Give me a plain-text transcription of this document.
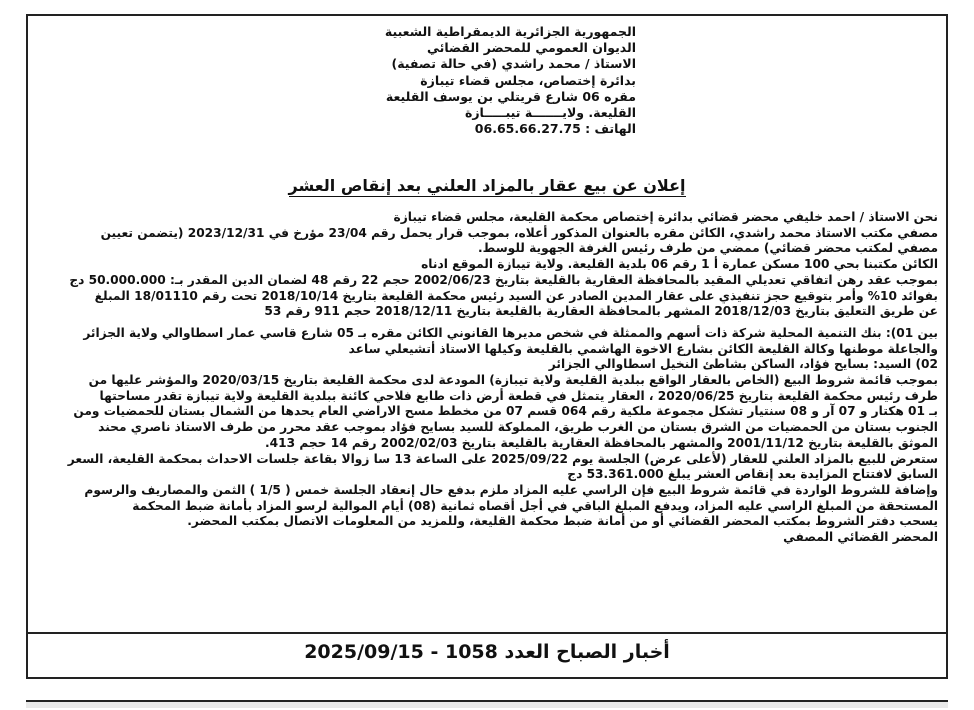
الجمهورية الجزائرية الديمقراطية الشعبية
الديوان العمومي للمحضر القضائي
الاستاذ / محمد راشدي (في حالة تصفية)
بدائرة إختصاص، مجلس قضاء تيبازة
مقره 06 شارع قريتلي بن يوسف القليعة
القليعة. ولايـــــــة تيبـــــازة
الهاتف : 06.65.66.27.75
إعلان عن بيع عقار بالمزاد العلني بعد إنقاص العشر

نحن الاستاذ / احمد خليفي محضر قضائي بدائرة إختصاص محكمة القليعة، مجلس قضاء تيبازة

مصفي مكتب الاستاذ محمد راشدي، الكائن مقره بالعنوان المذكور أعلاه، بموجب قرار يحمل رقم 23/04 مؤرخ في 2023/12/31 (يتضمن تعيين

مصفي لمكتب محضر قضائي) ممضي من طرف رئيس الغرفة الجهوية للوسط.

الكائن مكتبنا بحي 100 مسكن عمارة أ 1 رقم 06 بلدية القليعة. ولاية تيبازة الموقع ادناه

بموجب عقد رهن اتفاقي تعديلي المقيد بالمحافظة العقارية بالقليعة بتاريخ 2002/06/23 حجم 22 رقم 48 لضمان الدين المقدر بـ: 50.000.000 دج

بفوائد 10% وأمر بتوقيع حجز تنفيذي على عقار المدين الصادر عن السيد رئيس محكمة القليعة بتاريخ 2018/10/14 تحت رقم 18/01110 المبلغ

عن طريق التعليق بتاريخ 2018/12/03 المشهر بالمحافظة العقارية بالقليعة بتاريخ 2018/12/11 حجم 911 رقم 53

بين 01): بنك التنمية المحلية شركة ذات أسهم والممثلة في شخص مديرها القانوني الكائن مقره بـ 05 شارع قاسي عمار اسطاوالي ولاية الجزائر

والجاعلة موطنها وكالة القليعة الكائن بشارع الاخوة الهاشمي بالقليعة وكيلها الاستاذ أتشيعلي ساعد

02) السيد: بسايح فؤاد، الساكن بشاطئ النخيل اسطاوالي الجزائر

بموجب قائمة شروط البيع (الخاص بالعقار الواقع ببلدية القليعة ولاية تيبازة) المودعة لدى محكمة القليعة بتاريخ 2020/03/15 والمؤشر عليها من

طرف رئيس محكمة القليعة بتاريخ 2020/06/25 ، العقار يتمثل في قطعة أرض ذات طابع فلاحي كائنة ببلدية القليعة ولاية تيبازة تقدر مساحتها

بـ 01 هكتار و 07 آر و 08 سنتيار تشكل مجموعة ملكية رقم 064 قسم 07 من مخطط مسح الاراضي العام يحدها من الشمال بستان للحمضيات ومن

الجنوب بستان من الحمضيات من الشرق بستان من الغرب طريق، المملوكة للسيد بسايح فؤاد بموجب عقد محرر من طرف الاستاذ ناصري محند

الموثق بالقليعة بتاريخ 2001/11/12 والمشهر بالمحافظة العقارية بالقليعة بتاريخ 2002/02/03 رقم 14 حجم 413.

ستعرض للبيع بالمزاد العلني للعقار (لأعلى عرض) الجلسة يوم 2025/09/22 على الساعة 13 سا زوالا بقاعة جلسات الاحداث بمحكمة القليعة، السعر

السابق لافتتاح المزايدة بعد إنقاص العشر يبلغ 53.361.000 دج

وإضافة للشروط الواردة في قائمة شروط البيع فإن الراسي عليه المزاد ملزم بدفع حال إنعقاد الجلسة خمس ( 1/5 ) الثمن والمصاريف والرسوم

المستحقة من المبلغ الراسي عليه المزاد، ويدفع المبلغ الباقي في أجل أقصاه ثمانية (08) أيام الموالية لرسو المزاد بأمانة ضبط المحكمة

يسحب دفتر الشروط بمكتب المحضر القضائي أو من أمانة ضبط محكمة القليعة، وللمزيد من المعلومات الاتصال بمكتب المحضر.

المحضر القضائي المصفي

أخبار الصباح العدد 1058 - 2025/09/15
